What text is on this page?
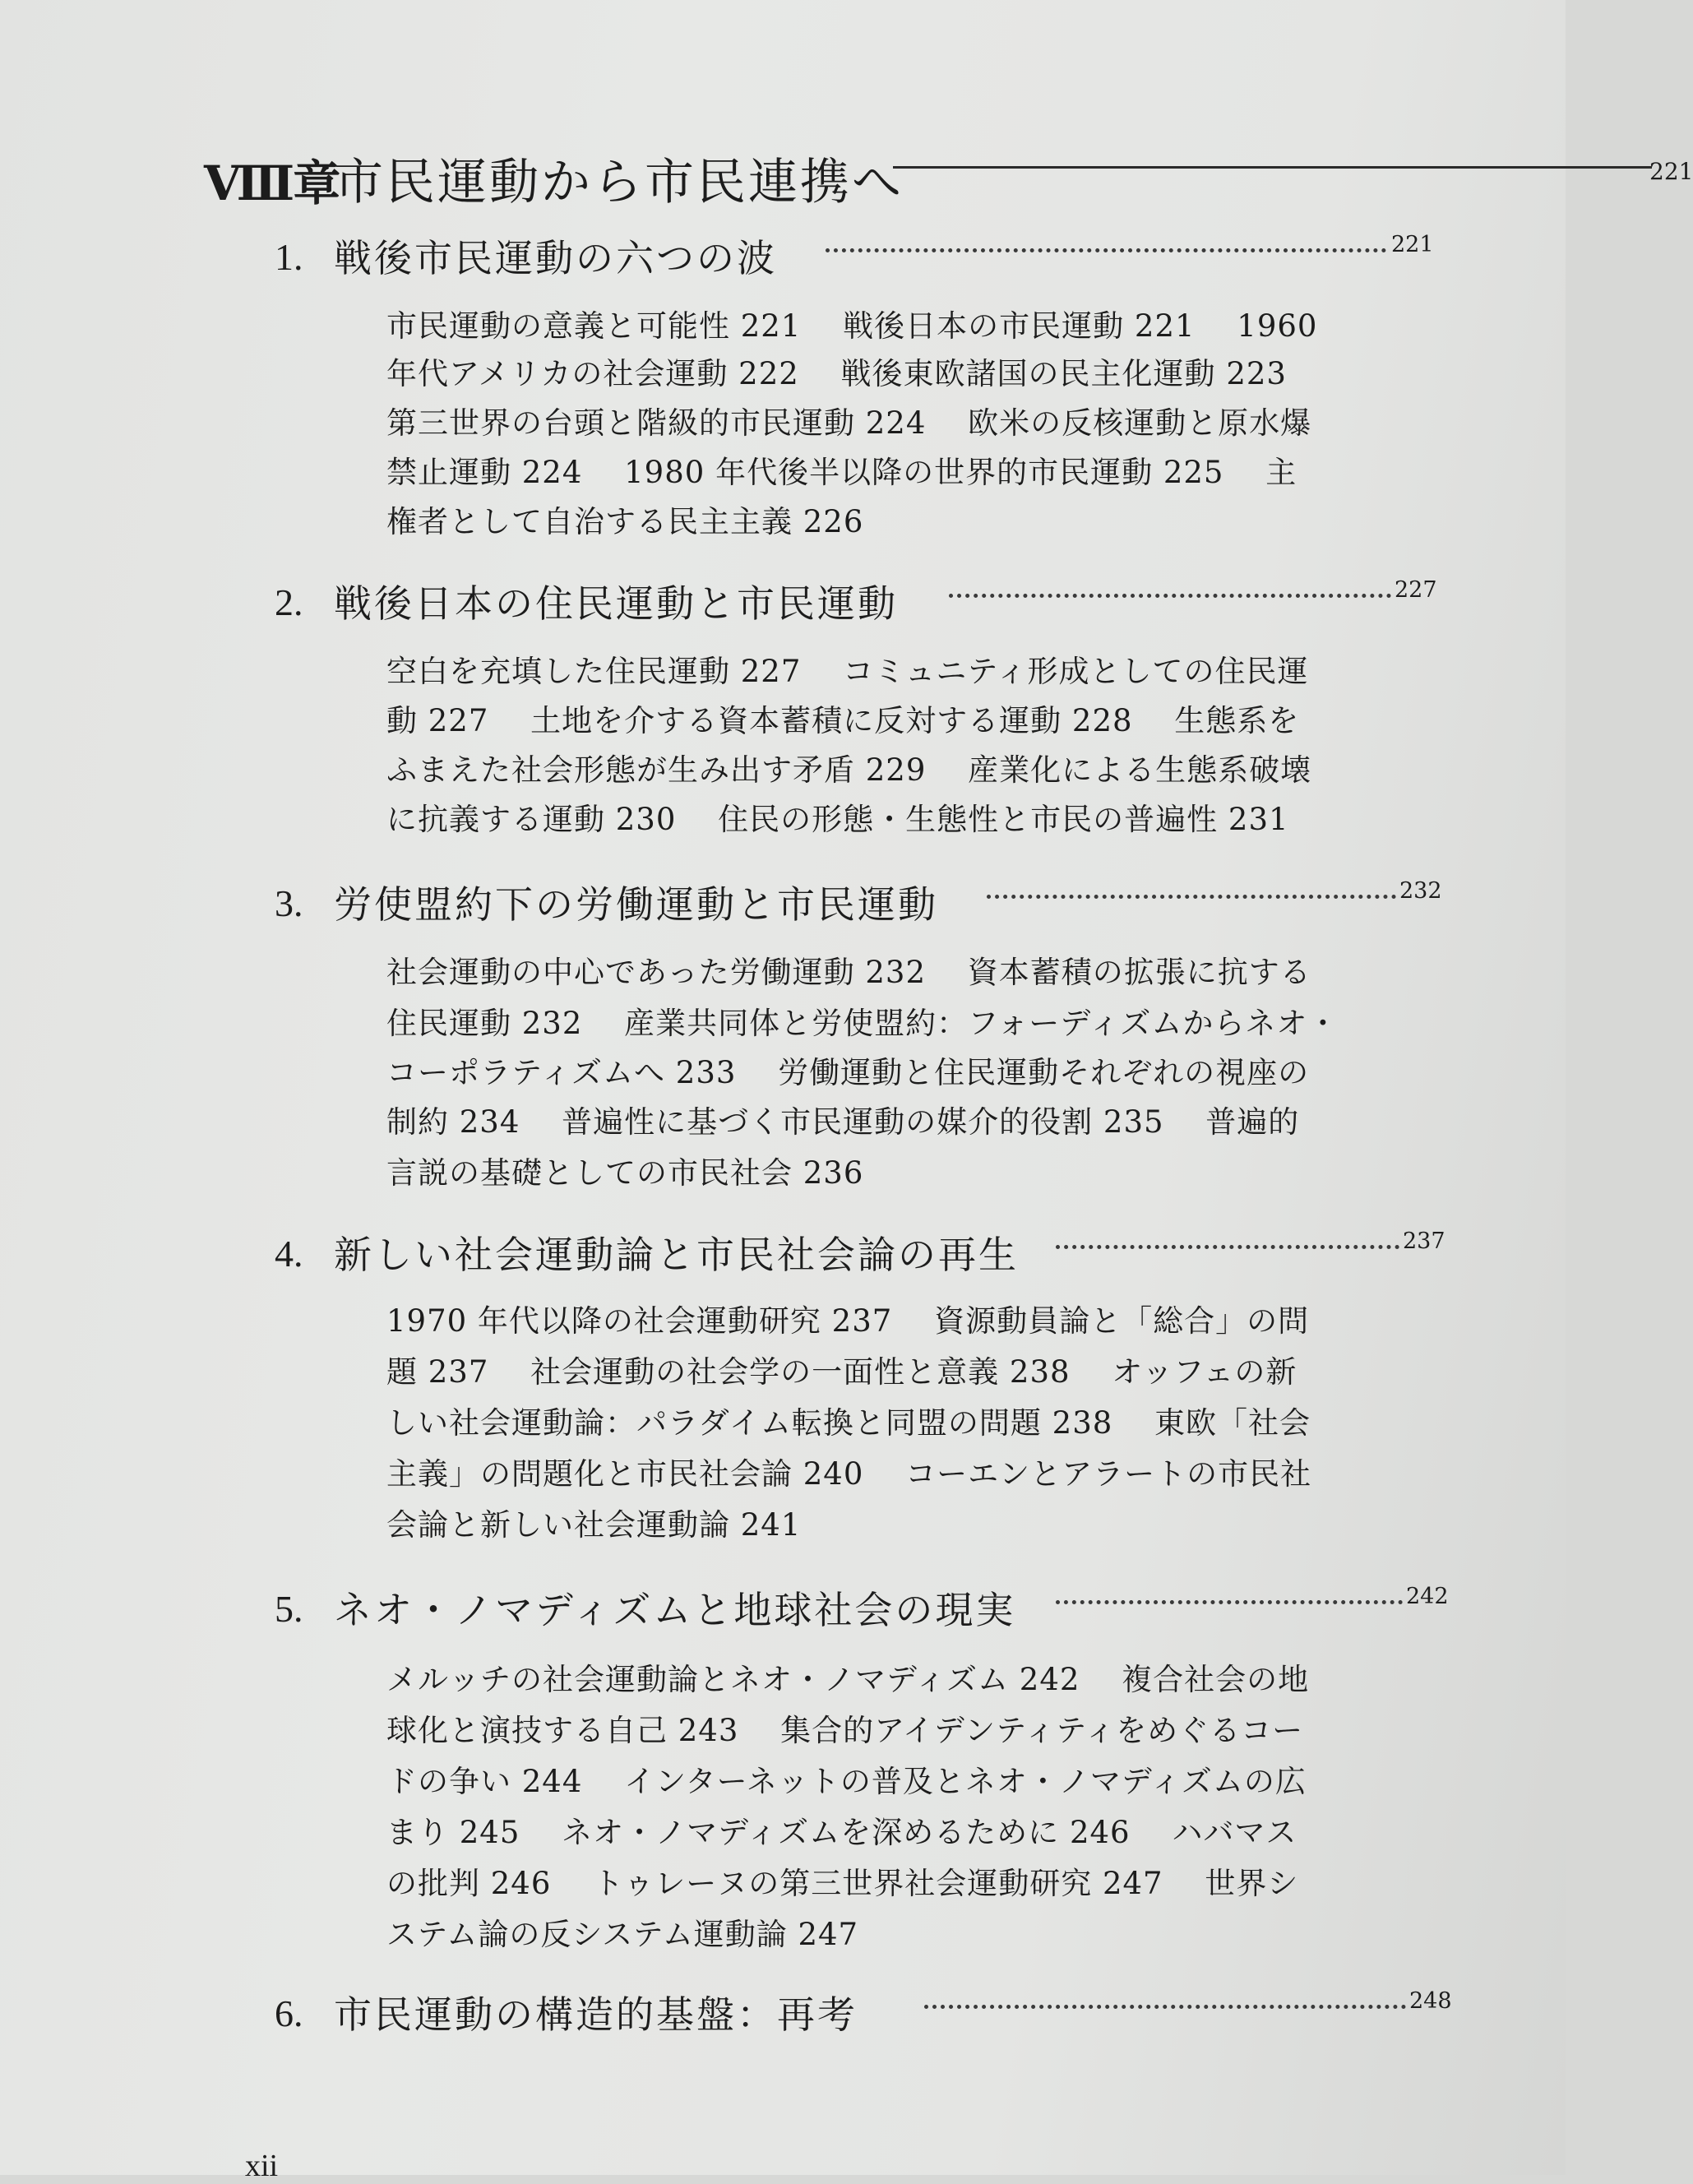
Ⅷ章
市民運動から市民連携へ	221
1. 戦後市民運動の六つの波	221
市民運動の意義と可能性 221　 戦後日本の市民運動 221　 1960
年代アメリカの社会運動 222　 戦後東欧諸国の民主化運動 223
第三世界の台頭と階級的市民運動 224　 欧米の反核運動と原水爆
禁止運動 224　 1980 年代後半以降の世界的市民運動 225　 主
権者として自治する民主主義 226
2. 戦後日本の住民運動と市民運動	227
空白を充填した住民運動 227　 コミュニティ形成としての住民運
動 227　 土地を介する資本蓄積に反対する運動 228　 生態系を
ふまえた社会形態が生み出す矛盾 229　 産業化による生態系破壊
に抗義する運動 230　 住民の形態・生態性と市民の普遍性 231
3. 労使盟約下の労働運動と市民運動	232
社会運動の中心であった労働運動 232　 資本蓄積の拡張に抗する
住民運動 232　 産業共同体と労使盟約：フォーディズムからネオ・
コーポラティズムへ 233　 労働運動と住民運動それぞれの視座の
制約 234　 普遍性に基づく市民運動の媒介的役割 235　 普遍的
言説の基礎としての市民社会 236
4. 新しい社会運動論と市民社会論の再生	237
1970 年代以降の社会運動研究 237　 資源動員論と「総合」の問
題 237　 社会運動の社会学の一面性と意義 238　 オッフェの新
しい社会運動論：パラダイム転換と同盟の問題 238　 東欧「社会
主義」の問題化と市民社会論 240　 コーエンとアラートの市民社
会論と新しい社会運動論 241
5. ネオ・ノマディズムと地球社会の現実	242
メルッチの社会運動論とネオ・ノマディズム 242　 複合社会の地
球化と演技する自己 243　 集合的アイデンティティをめぐるコー
ドの争い 244　 インターネットの普及とネオ・ノマディズムの広
まり 245　 ネオ・ノマディズムを深めるために 246　 ハバマス
の批判 246　 トゥレーヌの第三世界社会運動研究 247　 世界シ
ステム論の反システム運動論 247
6. 市民運動の構造的基盤：再考	248
xii
